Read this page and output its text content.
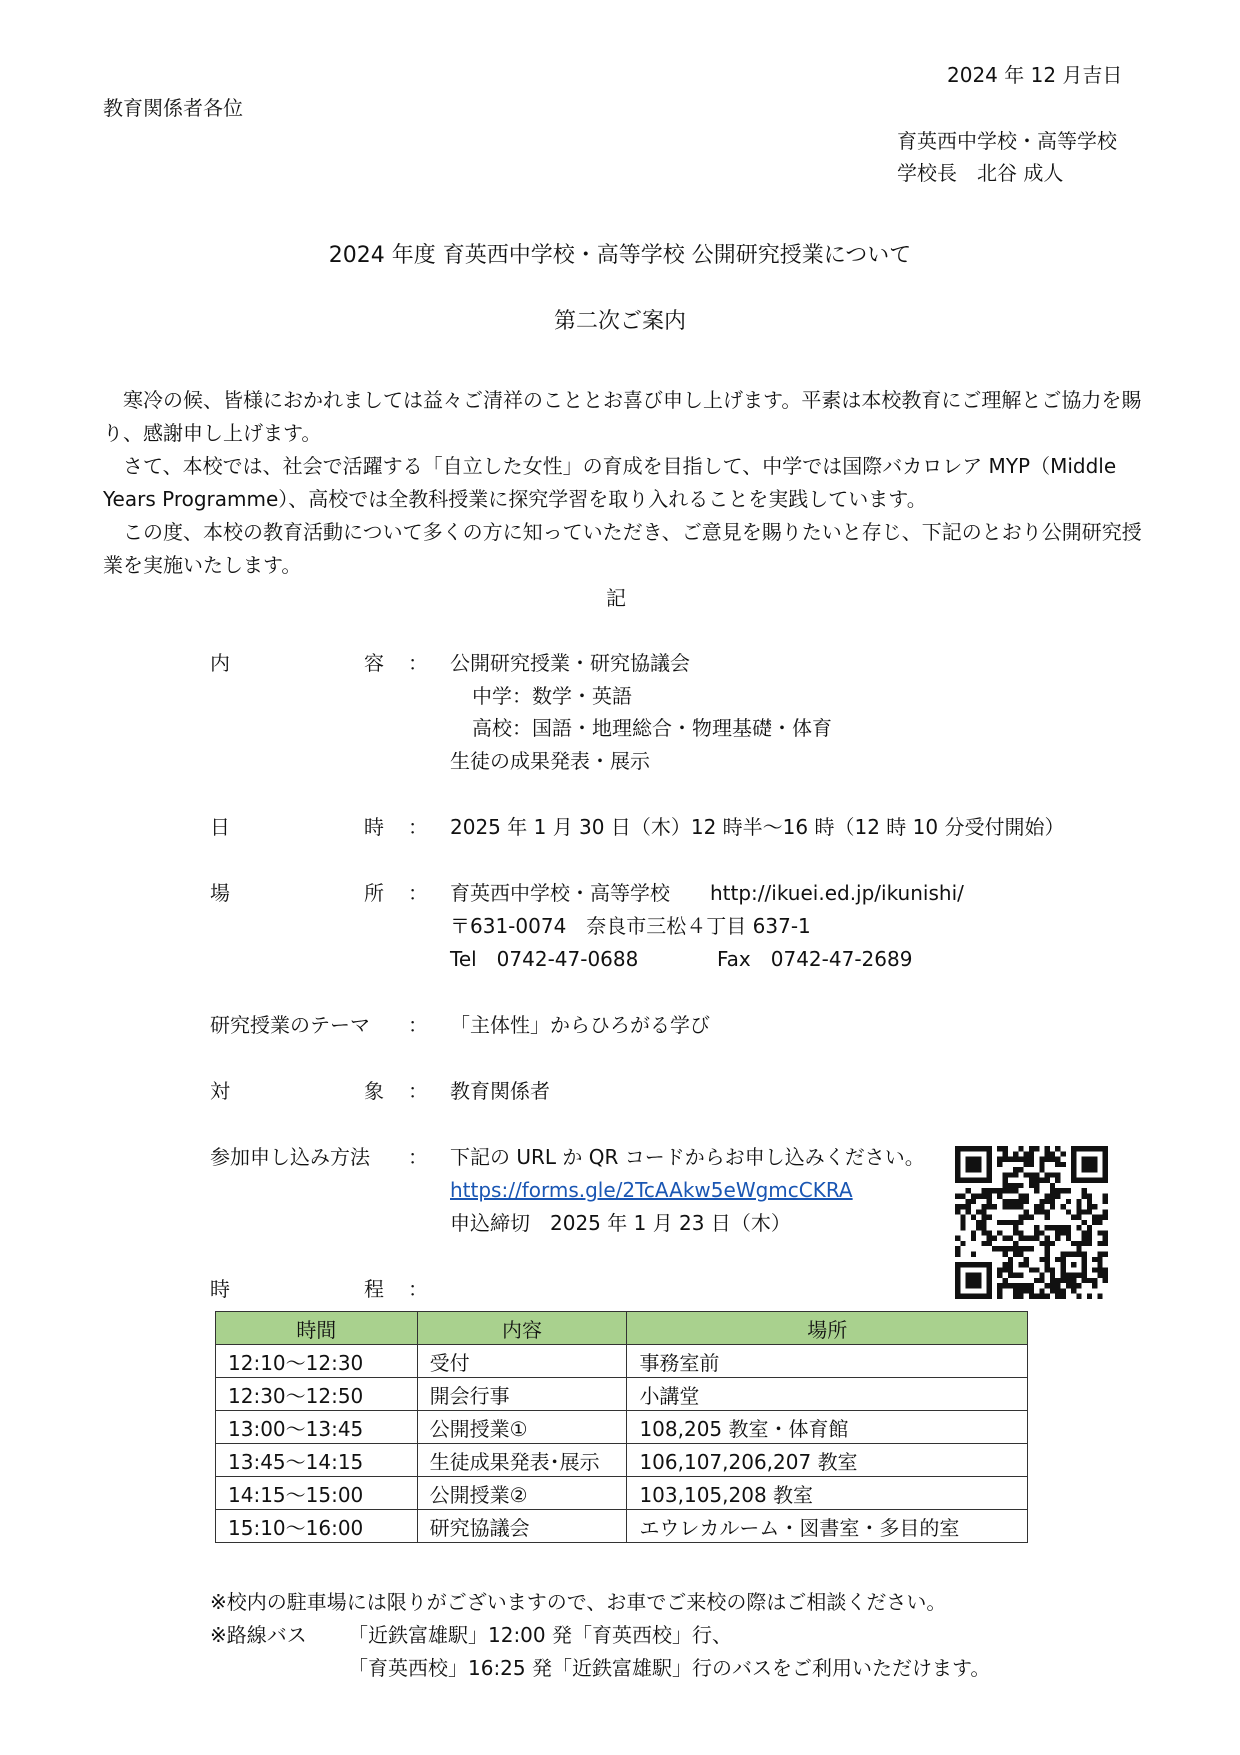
2024 年 12 月吉日
教育関係者各位
育英西中学校・高等学校
学校長　北谷 成人
2024 年度 育英西中学校・高等学校 公開研究授業について
第二次ご案内

寒冷の候、皆様におかれましては益々ご清祥のこととお喜び申し上げます。平素は本校教育にご理解とご協力を賜り、感謝申し上げます。

さて、本校では、社会で活躍する「自立した女性」の育成を目指して、中学では国際バカロレア MYP（Middle Years Programme）、高校では全教科授業に探究学習を取り入れることを実践しています。

この度、本校の教育活動について多くの方に知っていただき、ご意見を賜りたいと存じ、下記のとおり公開研究授業を実施いたします。

記
内	容 ： 公開研究授業・研究協議会
中学：数学・英語
高校：国語・地理総合・物理基礎・体育
生徒の成果発表・展示
日	時 ： 2025 年 1 月 30 日（木）12 時半～16 時（12 時 10 分受付開始）
場	所 ： 育英西中学校・高等学校 http://ikuei.ed.jp/ikunishi/
〒631-0074　奈良市三松４丁目 637-1
Tel　0742-47-0688	Fax　0742-47-2689
研究授業のテーマ ： 「主体性」からひろがる学び
対	象 ： 教育関係者
参加申し込み方法 ： 下記の URL か QR コードからお申し込みください。
https://forms.gle/2TcAAkw5eWgmcCKRA
申込締切　2025 年 1 月 23 日（木）
時	程 ：
時間	内容	場所
12:10～12:30	受付	事務室前
12:30～12:50	開会行事	小講堂
13:00～13:45	公開授業①	108,205 教室・体育館
13:45～14:15	生徒成果発表･展示	106,107,206,207 教室
14:15～15:00	公開授業②	103,105,208 教室
15:10～16:00	研究協議会	エウレカルーム・図書室・多目的室
※校内の駐車場には限りがございますので、お車でご来校の際はご相談ください。
※路線バス 「近鉄富雄駅」12:00 発「育英西校」行、
「育英西校」16:25 発「近鉄富雄駅」行のバスをご利用いただけます。
